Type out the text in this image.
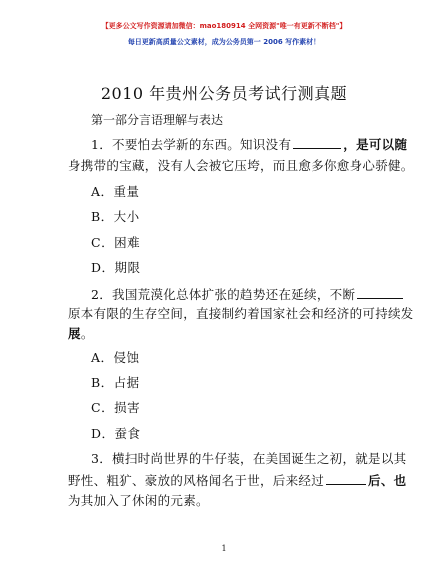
【更多公文写作资源请加微信：mao180914 全网资源"唯一有更新不断档"】
每日更新高质量公文素材，成为公务员第一 2006 写作素材！
2010 年贵州公务员考试行测真题
第一部分言语理解与表达
1．不要怕去学新的东西。知识没有	，是可以随
身携带的宝藏，没有人会被它压垮，而且愈多你愈身心骄健。
A．重量
B．大小
C．困难
D．期限
2．我国荒漠化总体扩张的趋势还在延续，不断
原本有限的生存空间，直接制约着国家社会和经济的可持续发
展。
A．侵蚀
B．占据
C．损害
D．蚕食
3．横扫时尚世界的牛仔装，在美国诞生之初，就是以其
野性、粗犷、豪放的风格闻名于世，后来经过	后、也
为其加入了休闲的元素。
1
